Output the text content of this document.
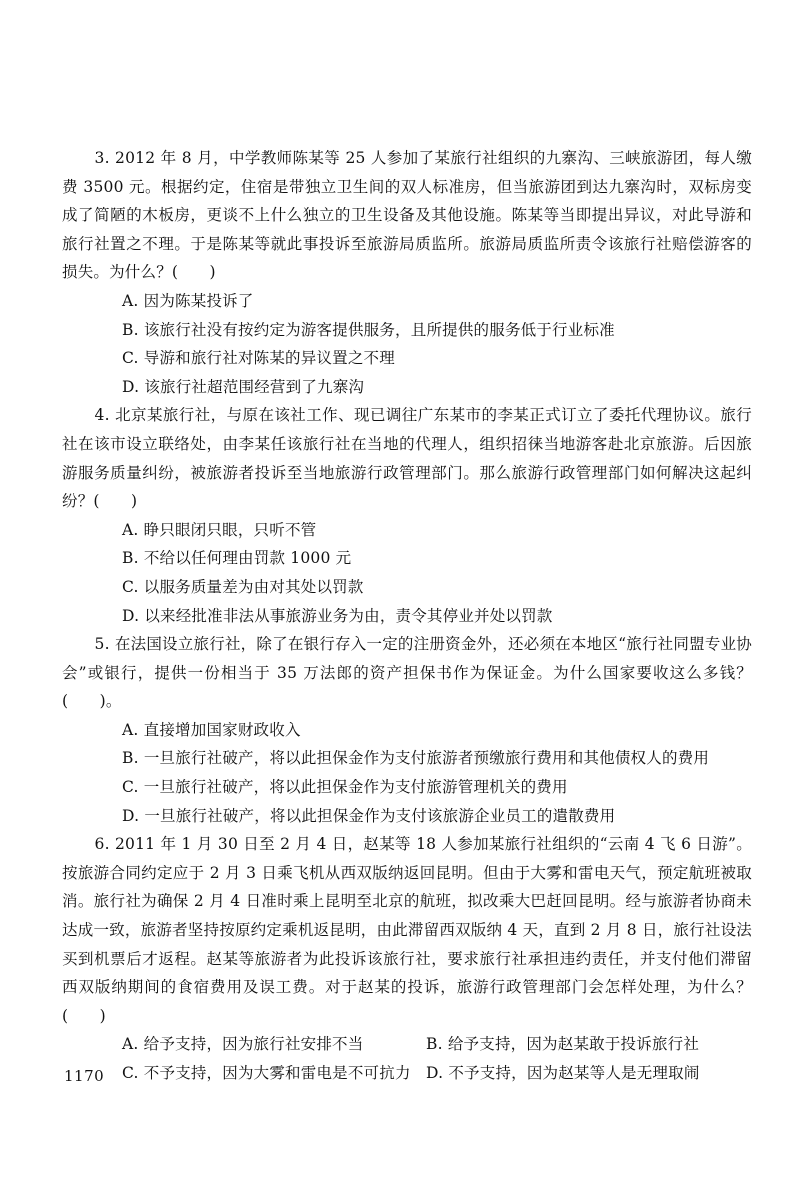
3. 2012 年 8 月，中学教师陈某等 25 人参加了某旅行社组织的九寨沟、三峡旅游团，每人缴费 3500 元。根据约定，住宿是带独立卫生间的双人标准房，但当旅游团到达九寨沟时，双标房变成了简陋的木板房，更谈不上什么独立的卫生设备及其他设施。陈某等当即提出异议，对此导游和旅行社置之不理。于是陈某等就此事投诉至旅游局质监所。旅游局质监所责令该旅行社赔偿游客的损失。为什么？(　　)

A. 因为陈某投诉了

B. 该旅行社没有按约定为游客提供服务，且所提供的服务低于行业标准

C. 导游和旅行社对陈某的异议置之不理

D. 该旅行社超范围经营到了九寨沟

4. 北京某旅行社，与原在该社工作、现已调往广东某市的李某正式订立了委托代理协议。旅行社在该市设立联络处，由李某任该旅行社在当地的代理人，组织招徕当地游客赴北京旅游。后因旅游服务质量纠纷，被旅游者投诉至当地旅游行政管理部门。那么旅游行政管理部门如何解决这起纠纷？(　　)

A. 睁只眼闭只眼，只听不管

B. 不给以任何理由罚款 1000 元

C. 以服务质量差为由对其处以罚款

D. 以来经批准非法从事旅游业务为由，责令其停业并处以罚款

5. 在法国设立旅行社，除了在银行存入一定的注册资金外，还必须在本地区“旅行社同盟专业协会”或银行，提供一份相当于 35 万法郎的资产担保书作为保证金。为什么国家要收这么多钱？(　　)。

A. 直接增加国家财政收入

B. 一旦旅行社破产，将以此担保金作为支付旅游者预缴旅行费用和其他债权人的费用

C. 一旦旅行社破产，将以此担保金作为支付旅游管理机关的费用

D. 一旦旅行社破产，将以此担保金作为支付该旅游企业员工的遣散费用

6. 2011 年 1 月 30 日至 2 月 4 日，赵某等 18 人参加某旅行社组织的“云南 4 飞 6 日游”。按旅游合同约定应于 2 月 3 日乘飞机从西双版纳返回昆明。但由于大雾和雷电天气，预定航班被取消。旅行社为确保 2 月 4 日准时乘上昆明至北京的航班，拟改乘大巴赶回昆明。经与旅游者协商未达成一致，旅游者坚持按原约定乘机返昆明，由此滞留西双版纳 4 天，直到 2 月 8 日，旅行社设法买到机票后才返程。赵某等旅游者为此投诉该旅行社，要求旅行社承担违约责任，并支付他们滞留西双版纳期间的食宿费用及误工费。对于赵某的投诉，旅游行政管理部门会怎样处理，为什么？(　　)

A. 给予支持，因为旅行社安排不当	B. 给予支持，因为赵某敢于投诉旅行社
C. 不予支持，因为大雾和雷电是不可抗力 D. 不予支持，因为赵某等人是无理取闹
1170
